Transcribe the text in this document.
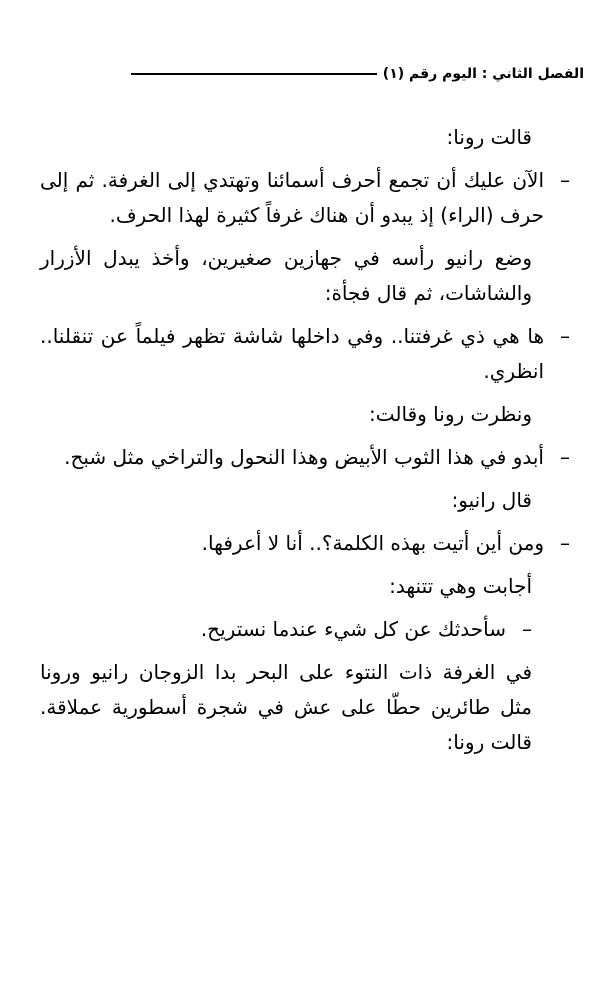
الفصل الثاني : اليوم رقم (١)

قالت رونا:

–
الآن عليك أن تجمع أحرف أسمائنا وتهتدي إلى الغرفة. ثم إلى حرف (الراء) إذ يبدو أن هناك غرفاً كثيرة لهذا الحرف.

وضع رانيو رأسه في جهازين صغيرين، وأخذ يبدل الأزرار والشاشات، ثم قال فجأة:

–
ها هي ذي غرفتنا.. وفي داخلها شاشة تظهر فيلماً عن تنقلنا.. انظري.

ونظرت رونا وقالت:

–
أبدو في هذا الثوب الأبيض وهذا النحول والتراخي مثل شبح.

قال رانيو:

–
ومن أين أتيت بهذه الكلمة؟.. أنا لا أعرفها.

أجابت وهي تتنهد:

–
سأحدثك عن كل شيء عندما نستريح.

في الغرفة ذات النتوء على البحر بدا الزوجان رانيو ورونا مثل طائرين حطّا على عش في شجرة أسطورية عملاقة. قالت رونا:
